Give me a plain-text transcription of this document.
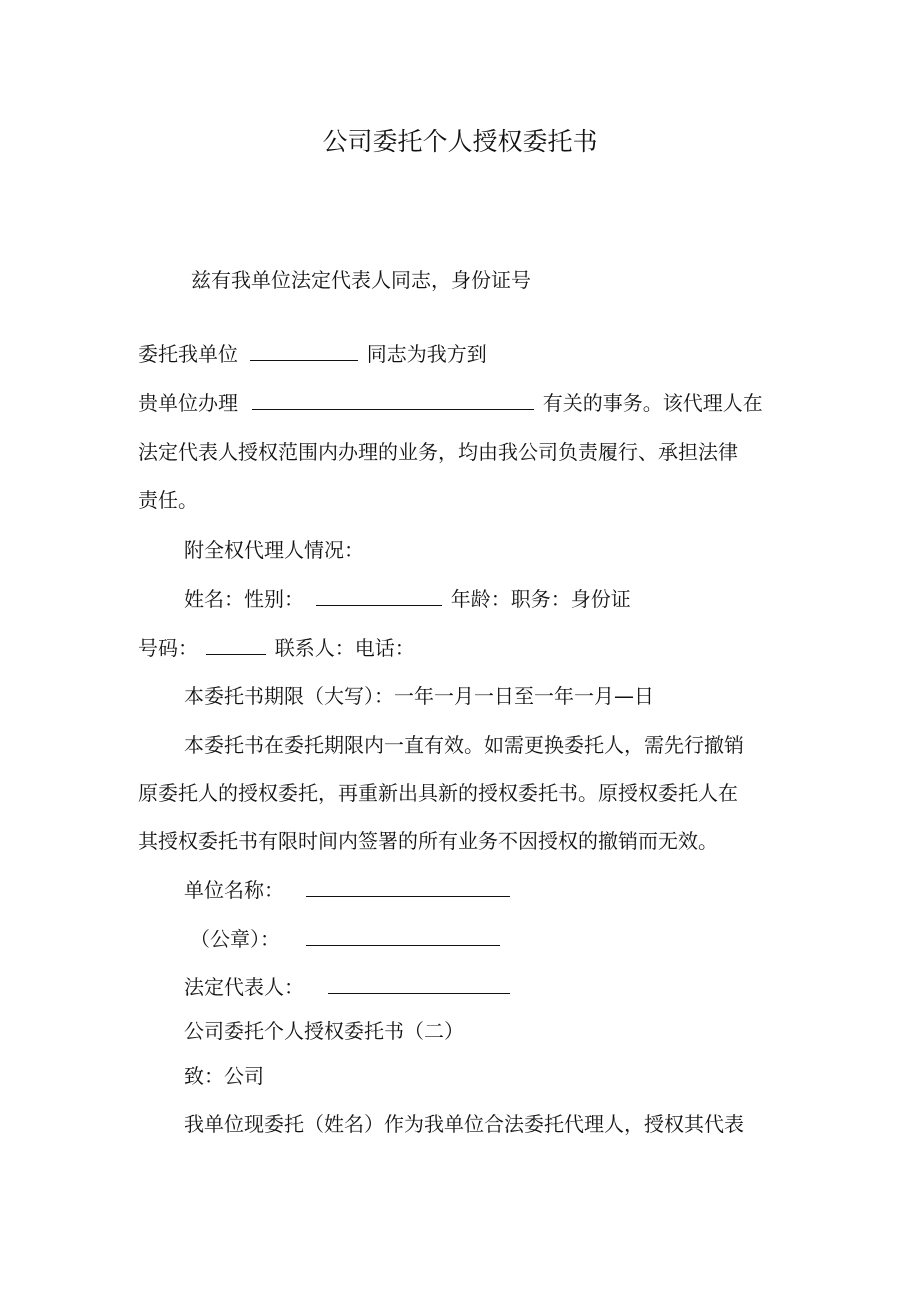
公司委托个人授权委托书
兹有我单位法定代表人同志，身份证号
委托我单位	同志为我方到
贵单位办理	有关的事务。该代理人在
法定代表人授权范围内办理的业务，均由我公司负责履行、承担法律
责任。
附全权代理人情况：
姓名：性别：	年龄：职务：身份证
号码：	联系人：电话：
本委托书期限（大写）：一年一月一日至一年一月—日
本委托书在委托期限内一直有效。如需更换委托人，需先行撤销
原委托人的授权委托，再重新出具新的授权委托书。原授权委托人在
其授权委托书有限时间内签署的所有业务不因授权的撤销而无效。
单位名称：
（公章）：
法定代表人：
公司委托个人授权委托书（二）
致：公司
我单位现委托（姓名）作为我单位合法委托代理人，授权其代表
